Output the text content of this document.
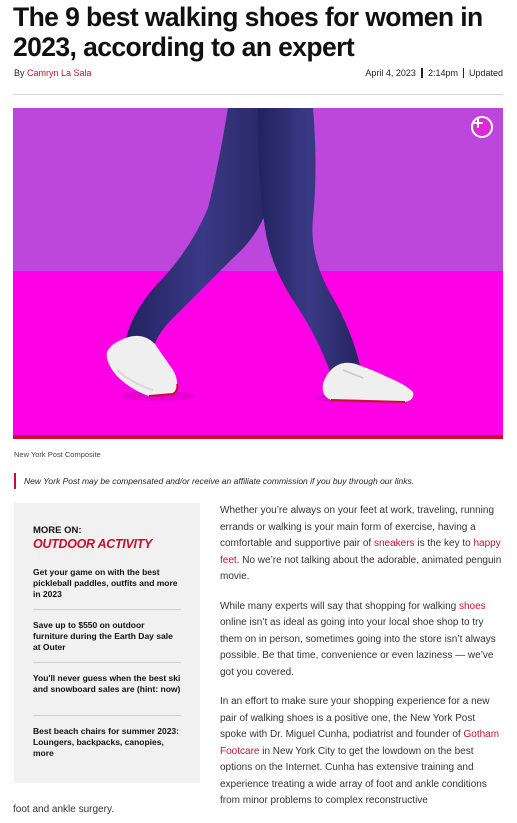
The 9 best walking shoes for women in 2023, according to an expert
By Camryn La Sala	April 4, 2023 2:14pm Updated
New York Post Composite
New York Post may be compensated and/or receive an affiliate commission if you buy through our links.
MORE ON:
OUTDOOR ACTIVITY
Get your game on with the best pickleball paddles, outfits and more in 2023
Save up to $550 on outdoor furniture during the Earth Day sale at Outer
You'll never guess when the best ski and snowboard sales are (hint: now)
Best beach chairs for summer 2023: Loungers, backpacks, canopies, more

Whether you’re always on your feet at work, traveling, running errands or walking is your main form of exercise, having a comfortable and supportive pair of sneakers is the key to happy feet. No we’re not talking about the adorable, animated penguin movie.

While many experts will say that shopping for walking shoes online isn’t as ideal as going into your local shoe shop to try them on in person, sometimes going into the store isn’t always possible. Be that time, convenience or even laziness — we’ve got you covered.

In an effort to make sure your shopping experience for a new pair of walking shoes is a positive one, the New York Post spoke with Dr. Miguel Cunha, podiatrist and founder of Gotham Footcare in New York City to get the lowdown on the best options on the Internet. Cunha has extensive training and experience treating a wide array of foot and ankle conditions from minor problems to complex reconstructive

foot and ankle surgery.
